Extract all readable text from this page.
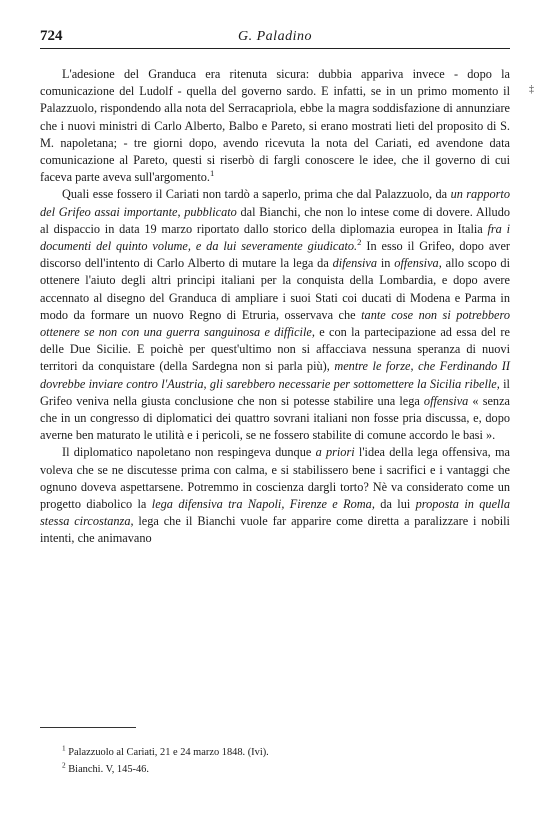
724	G. Paladino
‡

L'adesione del Granduca era ritenuta sicura: dubbia appariva invece - dopo la comunicazione del Ludolf - quella del governo sardo. E infatti, se in un primo momento il Palazzuolo, rispondendo alla nota del Serracapriola, ebbe la magra soddisfazione di annunziare che i nuovi ministri di Carlo Alberto, Balbo e Pareto, si erano mostrati lieti del proposito di S. M. napoletana; - tre giorni dopo, avendo ricevuta la nota del Cariati, ed avendone data comunicazione al Pareto, questi si riserbò di fargli conoscere le idee, che il governo di cui faceva parte aveva sull'argomento.$^1$

Quali esse fossero il Cariati non tardò a saperlo, prima che dal Palazzuolo, da un rapporto del Grifeo assai importante, pubblicato dal Bianchi, che non lo intese come di dovere. Alludo al dispaccio in data 19 marzo riportato dallo storico della diplomazia europea in Italia fra i documenti del quinto volume, e da lui severamente giudicato.$^2$ In esso il Grifeo, dopo aver discorso dell'intento di Carlo Alberto di mutare la lega da difensiva in offensiva, allo scopo di ottenere l'aiuto degli altri principi italiani per la conquista della Lombardia, e dopo avere accennato al disegno del Granduca di ampliare i suoi Stati coi ducati di Modena e Parma in modo da formare un nuovo Regno di Etruria, osservava che tante cose non si potrebbero ottenere se non con una guerra sanguinosa e difficile, e con la partecipazione ad essa del re delle Due Sicilie. E poichè per quest'ultimo non si affacciava nessuna speranza di nuovi territori da conquistare (della Sardegna non si parla più), mentre le forze, che Ferdinando II dovrebbe inviare contro l'Austria, gli sarebbero necessarie per sottomettere la Sicilia ribelle, il Grifeo veniva nella giusta conclusione che non si potesse stabilire una lega offensiva « senza che in un congresso di diplomatici dei quattro sovrani italiani non fosse pria discussa, e, dopo averne ben maturato le utilità e i pericoli, se ne fossero stabilite di comune accordo le basi ».

Il diplomatico napoletano non respingeva dunque a priori l'idea della lega offensiva, ma voleva che se ne discutesse prima con calma, e si stabilissero bene i sacrifici e i vantaggi che ognuno doveva aspettarsene. Potremmo in coscienza dargli torto? Nè va considerato come un progetto diabolico la lega difensiva tra Napoli, Firenze e Roma, da lui proposta in quella stessa circostanza, lega che il Bianchi vuole far apparire come diretta a paralizzare i nobili intenti, che animavano

$^1$ Palazzuolo al Cariati, 21 e 24 marzo 1848. (Ivi).
$^2$ Bianchi. V, 145-46.
